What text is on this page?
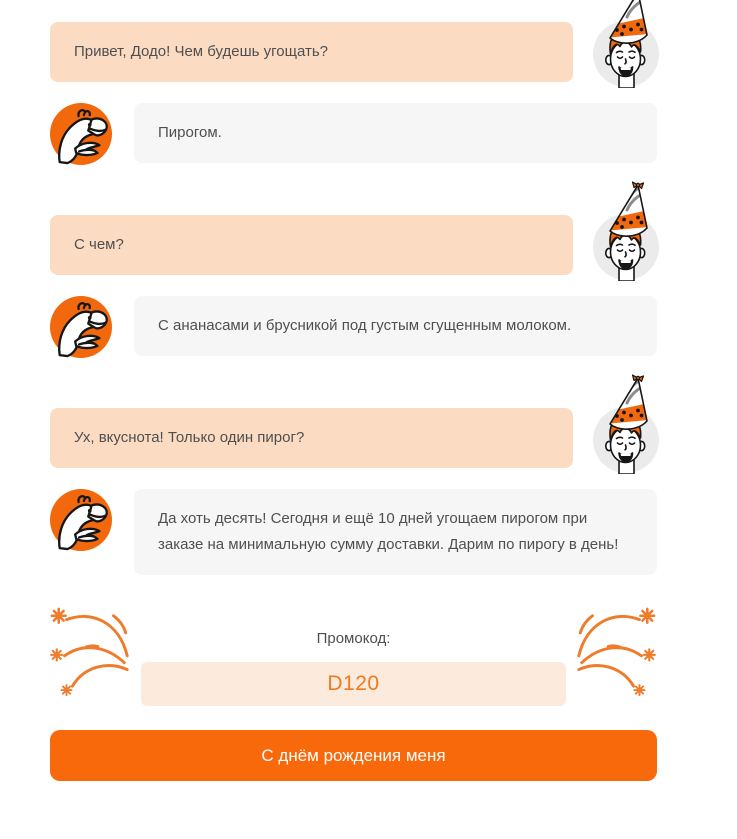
Привет, Додо! Чем будешь угощать?
Пирогом.
С чем?
С ананасами и брусникой под густым сгущенным молоком.
Ух, вкуснота! Только один пирог?
Да хоть десять! Сегодня и ещё 10 дней угощаем пирогом при заказе на минимальную сумму доставки. Дарим по пирогу в день!
Промокод:
D120
С днём рождения меня
